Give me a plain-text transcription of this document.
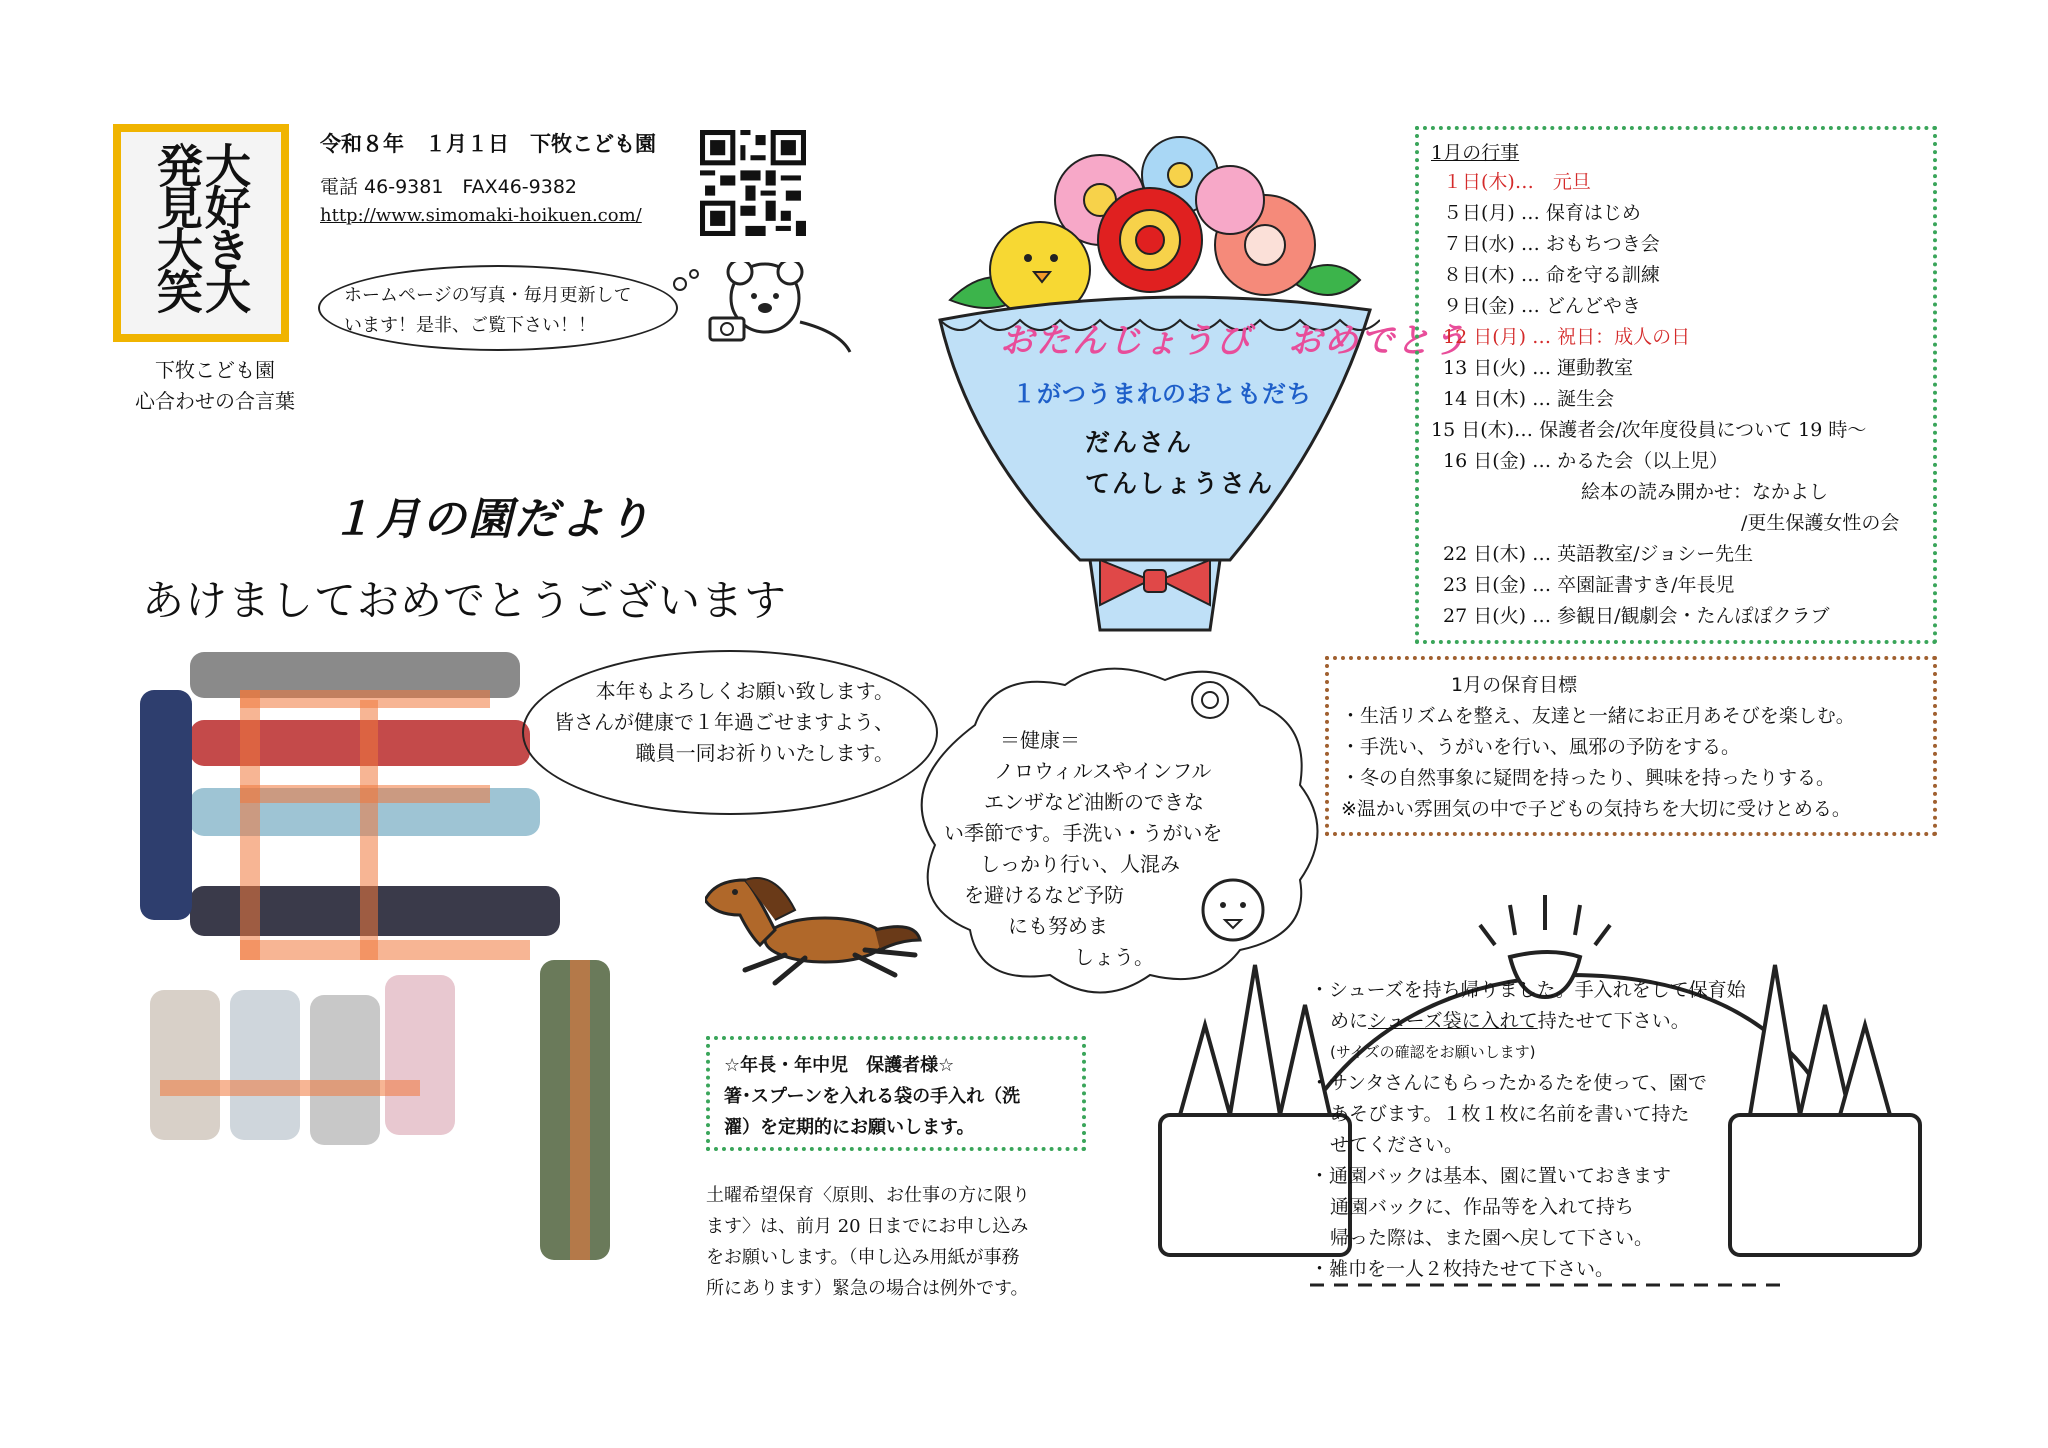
大好き大発見大笑
下牧こども園
心合わせの合言葉
令和８年　１月１日　下牧こども園
電話 46-9381　FAX46-9382
http://www.simomaki-hoikuen.com/
ホームページの写真・毎月更新して
います！是非、ご覧下さい！！
１月の園だより
あけましておめでとうございます
おたんじょうび　おめでとう
１がつうまれのおともだち
だんさん
てんしょうさん
1月の行事
１日(木)…　元旦
５日(月) … 保育はじめ
７日(水) … おもちつき会
８日(木) … 命を守る訓練
９日(金) … どんどやき
12 日(月) … 祝日：成人の日
13 日(火) … 運動教室
14 日(木) … 誕生会
15 日(木)… 保護者会/次年度役員について 19 時～
16 日(金) … かるた会（以上児）
絵本の読み開かせ：なかよし
/更生保護女性の会
22 日(木) … 英語教室/ジョシー先生
23 日(金) … 卒園証書すき/年長児
27 日(火) … 参観日/観劇会・たんぽぽクラブ
1月の保育目標
・生活リズムを整え、友達と一緒にお正月あそびを楽しむ。
・手洗い、うがいを行い、風邪の予防をする。
・冬の自然事象に疑問を持ったり、興味を持ったりする。
※温かい雰囲気の中で子どもの気持ちを大切に受けとめる。
本年もよろしくお願い致します。
皆さんが健康で１年過ごせますよう、
職員一同お祈りいたします。
＝健康＝
ノロウィルスやインフル
エンザなど油断のできな
い季節です。手洗い・うがいを
しっかり行い、人混み
を避けるなど予防
にも努めま
しょう。
☆年長・年中児　保護者様☆
箸･スプーンを入れる袋の手入れ（洗
濯）を定期的にお願いします。
土曜希望保育〈原則、お仕事の方に限り
ます〉は、前月 20 日までにお申し込み
をお願いします。（申し込み用紙が事務
所にあります）緊急の場合は例外です。
・シューズを持ち帰りました。手入れをして保育始
めにシューズ袋に入れて持たせて下さい。
(サイズの確認をお願いします)
・サンタさんにもらったかるたを使って、園で
あそびます。１枚１枚に名前を書いて持た
せてください。
・通園バックは基本、園に置いておきます
通園バックに、作品等を入れて持ち
帰った際は、また園へ戻して下さい。
・雑巾を一人２枚持たせて下さい。
